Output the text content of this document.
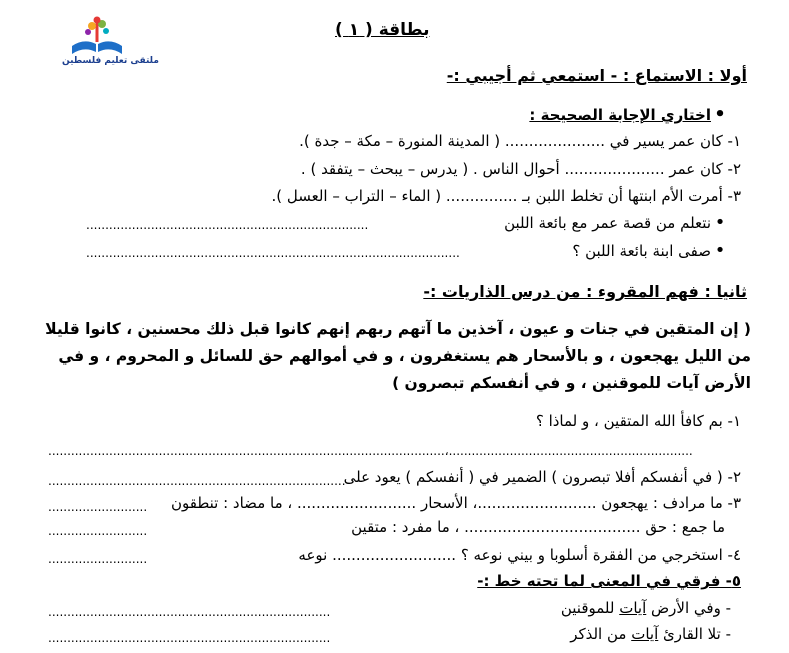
ملتقى تعليم فلسطين
بطاقة ( ١ )
أولا : الاستماع : - استمعي ثم أجيبي :-
• اختاري الإجابة الصحيحة :
١- كان عمر يسير في ..................... ( المدينة المنورة – مكة – جدة ).
٢- كان عمر ..................... أحوال الناس . ( يدرس – يبحث – يتفقد ) .
٣- أمرت الأم ابنتها أن تخلط اللبن بـ ............... ( الماء – التراب – العسل ).
• نتعلم من قصة عمر مع بائعة اللبن
..........................................................................
• صفى ابنة بائعة اللبن ؟
..................................................................................................
ثانيا : فهم المقروء : من درس الذاريات :-
( إن المتقين في جنات و عيون ، آخذين ما آتهم ربهم إنهم كانوا قبل ذلك محسنين ، كانوا قليلا من الليل يهجعون ، و بالأسحار هم يستغفرون ، و في أموالهم حق للسائل و المحروم ، و في الأرض آيات للموقنين ، و في أنفسكم تبصرون )
١- بم كافأ الله المتقين ، و لماذا ؟
........................................................................................................،................................................................
٢- ( في أنفسكم أفلا تبصرون ) الضمير في ( أنفسكم ) يعود على
..............................................................................
٣- ما مرادف : يهجعون .........................، الأسحار ......................... ، ما مضاد : تنطقون
..........................
ما جمع : حق ..................................... ، ما مفرد : متقين
..........................
٤- استخرجي من الفقرة أسلوبا و بيني نوعه ؟ .......................... نوعه
..........................
٥- فرقي في المعنى لما تحته خط :-
- وفي الأرض آيات للموقنين
..........................................................................
- تلا القارئ آيات من الذكر
..........................................................................
